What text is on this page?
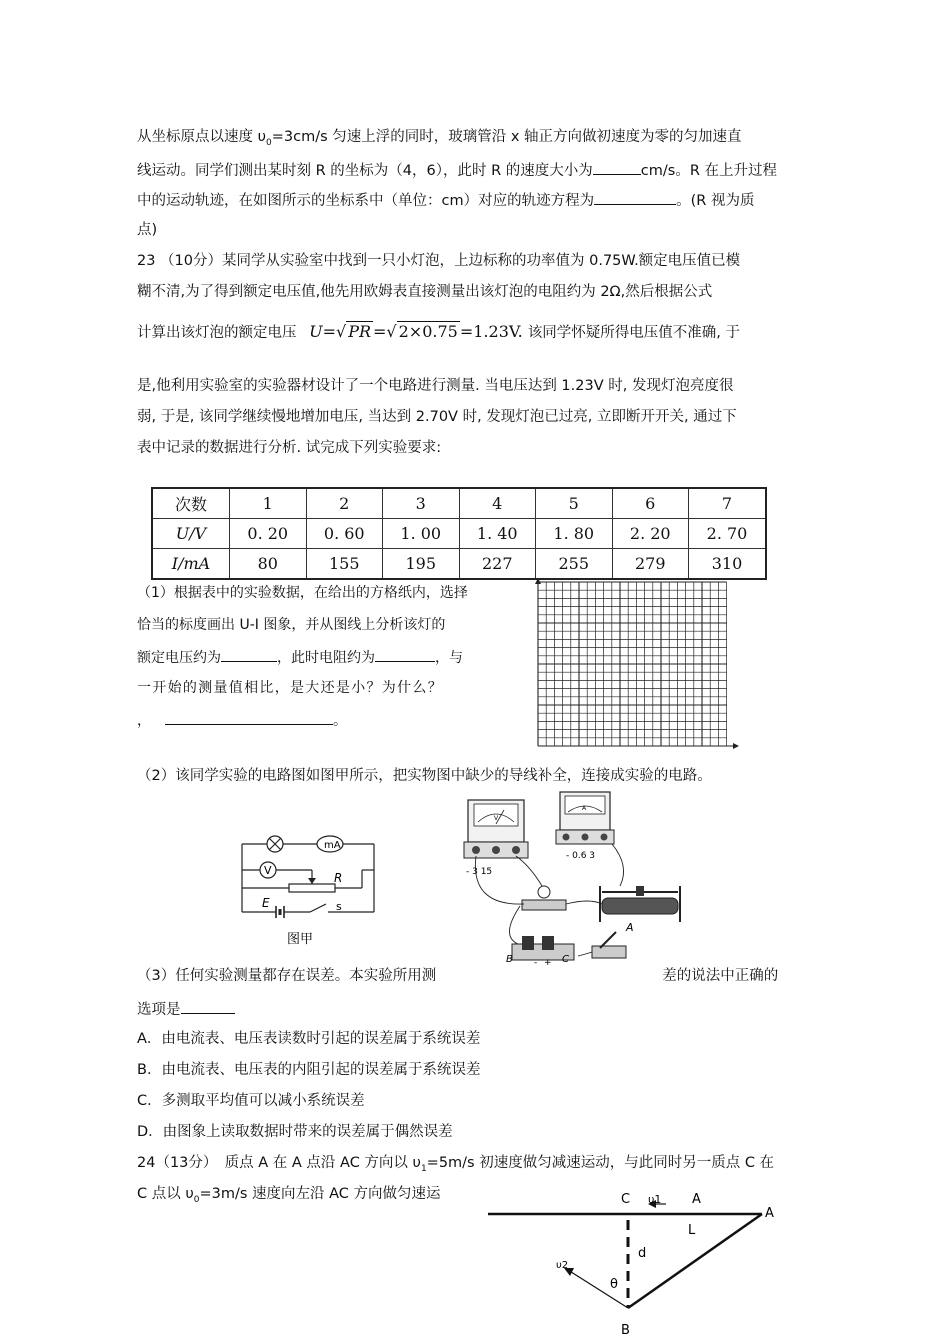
从坐标原点以速度 $\upsilon_0=3cm/s$ 匀速上浮的同时，玻璃管沿 x 轴正方向做初速度为零的匀加速直
线运动。同学们测出某时刻 R 的坐标为（4，6），此时 R 的速度大小为	cm/s。R 在上升过程
中的运动轨迹，在如图所示的坐标系中（单位：cm）对应的轨迹方程为	。(R 视为质
点)
23 （10分）某同学从实验室中找到一只小灯泡，上边标称的功率值为 0.75W.额定电压值已模
糊不清,为了得到额定电压值,他先用欧姆表直接测量出该灯泡的电阻约为 2Ω,然后根据公式
计算出该灯泡的额定电压 U=√ PR =√ 2×0.75 =1.23V. 该同学怀疑所得电压值不准确, 于
是,他利用实验室的实验器材设计了一个电路进行测量. 当电压达到 1.23V 时, 发现灯泡亮度很
弱, 于是, 该同学继续慢地增加电压, 当达到 2.70V 时, 发现灯泡已过亮, 立即断开开关, 通过下
表中记录的数据进行分析. 试完成下列实验要求:
次数	1	2	3	4	5	6	7
U/V	0. 20	0. 60	1. 00	1. 40	1. 80	2. 20	2. 70
I/mA	80	155	195	227	255	279	310
（1）根据表中的实验数据，在给出的方格纸内，选择
恰当的标度画出 U-I 图象，并从图线上分析该灯的
额定电压约为	，此时电阻约为	，与
一开始的测量值相比，是大还是小？为什么？
，	。
（2）该同学实验的电路图如图甲所示，把实物图中缺少的导线补全，连接成实验的电路。
mA
V
R
E	s
图甲
V
- 3 15
A
- 0.6 3
A
B	C
- +
（3）任何实验测量都存在误差。本实验所用测	差的说法中正确的
选项是
A．由电流表、电压表读数时引起的误差属于系统误差
B．由电流表、电压表的内阻引起的误差属于系统误差
C．多测取平均值可以减小系统误差
D．由图象上读取数据时带来的误差属于偶然误差
24（13分）　质点 A 在 A 点沿 AC 方向以 $\upsilon_1=5m/s$ 初速度做匀减速运动，与此同时另一质点 C 在
C 点以 $\upsilon_0=3m/s$ 速度向左沿 AC 方向做匀速运	C υ1 A
A
L
d
υ2
θ
B
